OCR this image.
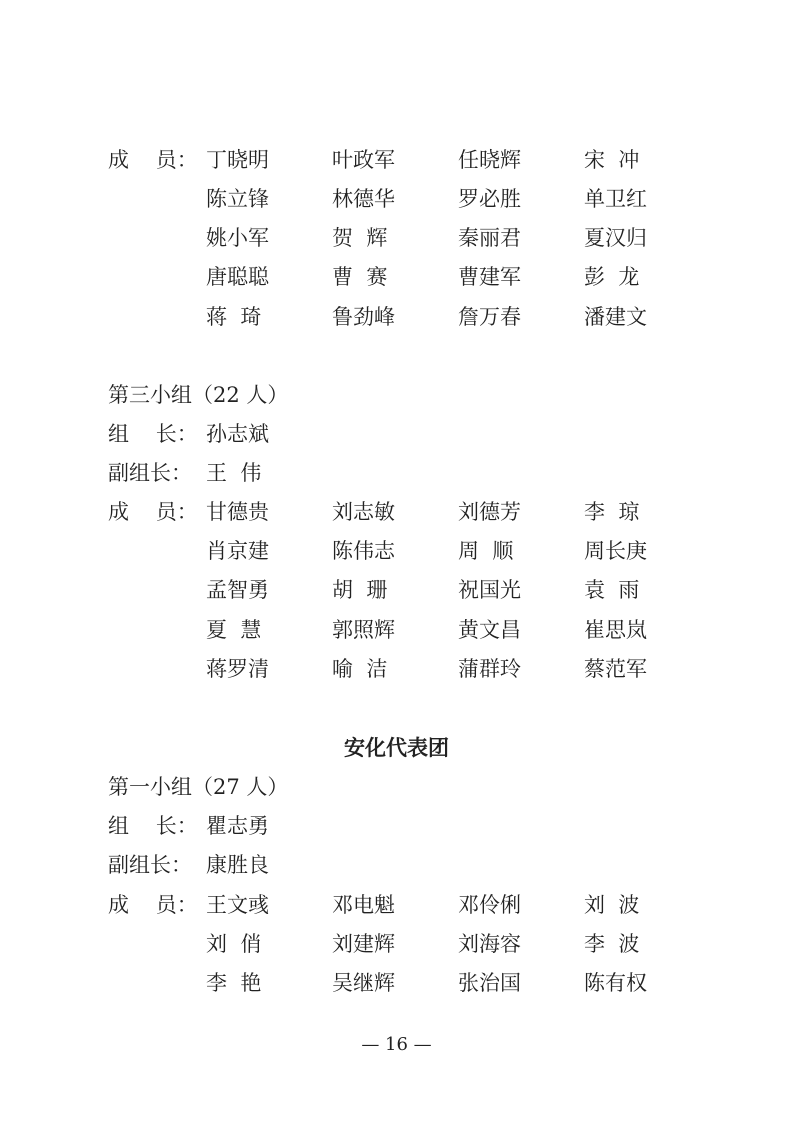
成    员： 丁晓明	叶政军	任晓辉	宋  冲
陈立锋	林德华	罗必胜	单卫红
姚小军	贺  辉	秦丽君	夏汉归
唐聪聪	曹  赛	曹建军	彭  龙
蒋  琦	鲁劲峰	詹万春	潘建文
第三小组（22 人）
组    长： 孙志斌
副组长： 王  伟
成    员： 甘德贵	刘志敏	刘德芳	李  琼
肖京建	陈伟志	周  顺	周长庚
孟智勇	胡  珊	祝国光	袁  雨
夏  慧	郭照辉	黄文昌	崔思岚
蒋罗清	喻  洁	蒲群玲	蔡范军
安化代表团
第一小组（27 人）
组    长： 瞿志勇
副组长： 康胜良
成    员： 王文彧	邓电魁	邓伶俐	刘  波
刘  俏	刘建辉	刘海容	李  波
李  艳	吴继辉	张治国	陈有权
— 16 —
